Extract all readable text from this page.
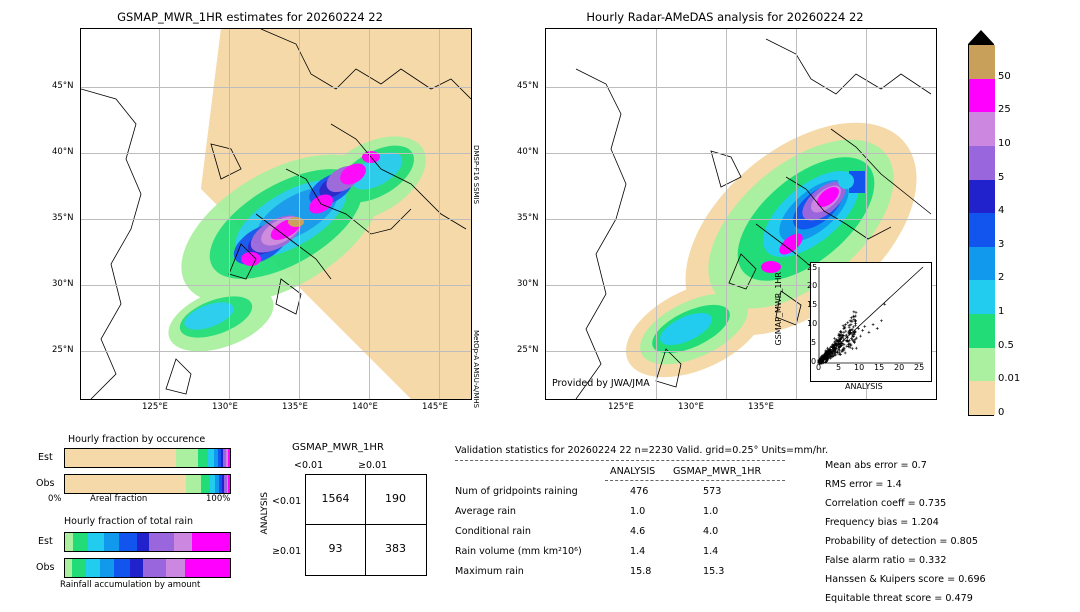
GSMAP_MWR_1HR estimates for 20260224 22
45°N
40°N
35°N
30°N
25°N
125°E	130°E	135°E	140°E	145°E
DMSP-F16 SSMIS
MetOp-A AMSU-A/MHS
Hourly Radar-AMeDAS analysis for 20260224 22
45°N
40°N
35°N
30°N
25°N
125°E	130°E	135°E
Provided by JWA/JMA
0 5 10 15 20 25
0
5
10
15
20
25
ANALYSIS
GSMAP_MWR_1HR
50
25
10
5
4
3
2
1
0.5
0.01
0
Hourly fraction by occurence
Est
Obs
0%	Areal fraction	100%
Hourly fraction of total rain
Est
Obs
Rainfall accumulation by amount
GSMAP_MWR_1HR
<0.01	≥0.01
ANALYSIS <0.01
≥0.01
1564	190
93	383
Validation statistics for 20260224 22 n=2230 Valid. grid=0.25° Units=mm/hr.
ANALYSIS GSMAP_MWR_1HR
Num of gridpoints raining	476	573
Average rain	1.0	1.0
Conditional rain	4.6	4.0
Rain volume (mm km²10⁶)	1.4	1.4
Maximum rain	15.8	15.3
Mean abs error = 0.7
RMS error = 1.4
Correlation coeff = 0.735
Frequency bias = 1.204
Probability of detection = 0.805
False alarm ratio = 0.332
Hanssen & Kuipers score = 0.696
Equitable threat score = 0.479
